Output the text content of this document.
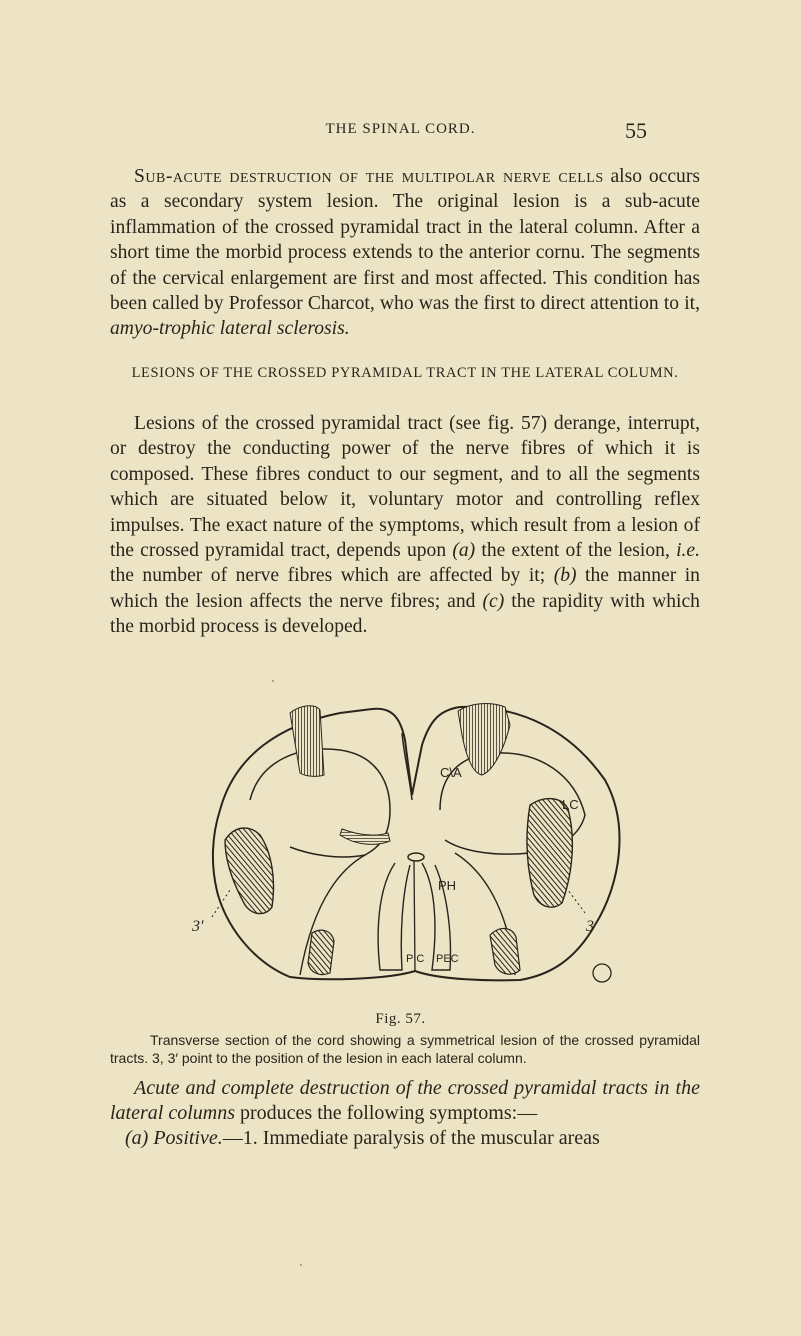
THE SPINAL CORD.	55

Sub-acute destruction of the multipolar nerve cells also occurs as a secondary system lesion. The original lesion is a sub-acute inflammation of the crossed pyramidal tract in the lateral column. After a short time the morbid process extends to the anterior cornu. The segments of the cervical enlargement are first and most affected. This condition has been called by Professor Charcot, who was the first to direct attention to it, amyo-trophic lateral sclerosis.

LESIONS OF THE CROSSED PYRAMIDAL TRACT IN THE LATERAL COLUMN.

Lesions of the crossed pyramidal tract (see fig. 57) derange, interrupt, or destroy the conducting power of the nerve fibres of which it is composed. These fibres conduct to our segment, and to all the segments which are situated below it, voluntary motor and controlling reflex impulses. The exact nature of the symptoms, which result from a lesion of the crossed pyramidal tract, depends upon (a) the extent of the lesion, i.e. the number of nerve fibres which are affected by it; (b) the manner in which the lesion affects the nerve fibres; and (c) the rapidity with which the morbid process is developed.

C\A
LC
PH
PIC PEC
3′	3
Fig. 57.
Transverse section of the cord showing a symmetrical lesion of the crossed pyramidal tracts. 3, 3′ point to the position of the lesion in each lateral column.

Acute and complete destruction of the crossed pyramidal tracts in the lateral columns produces the following symptoms:—
(a) Positive.—1. Immediate paralysis of the muscular areas
